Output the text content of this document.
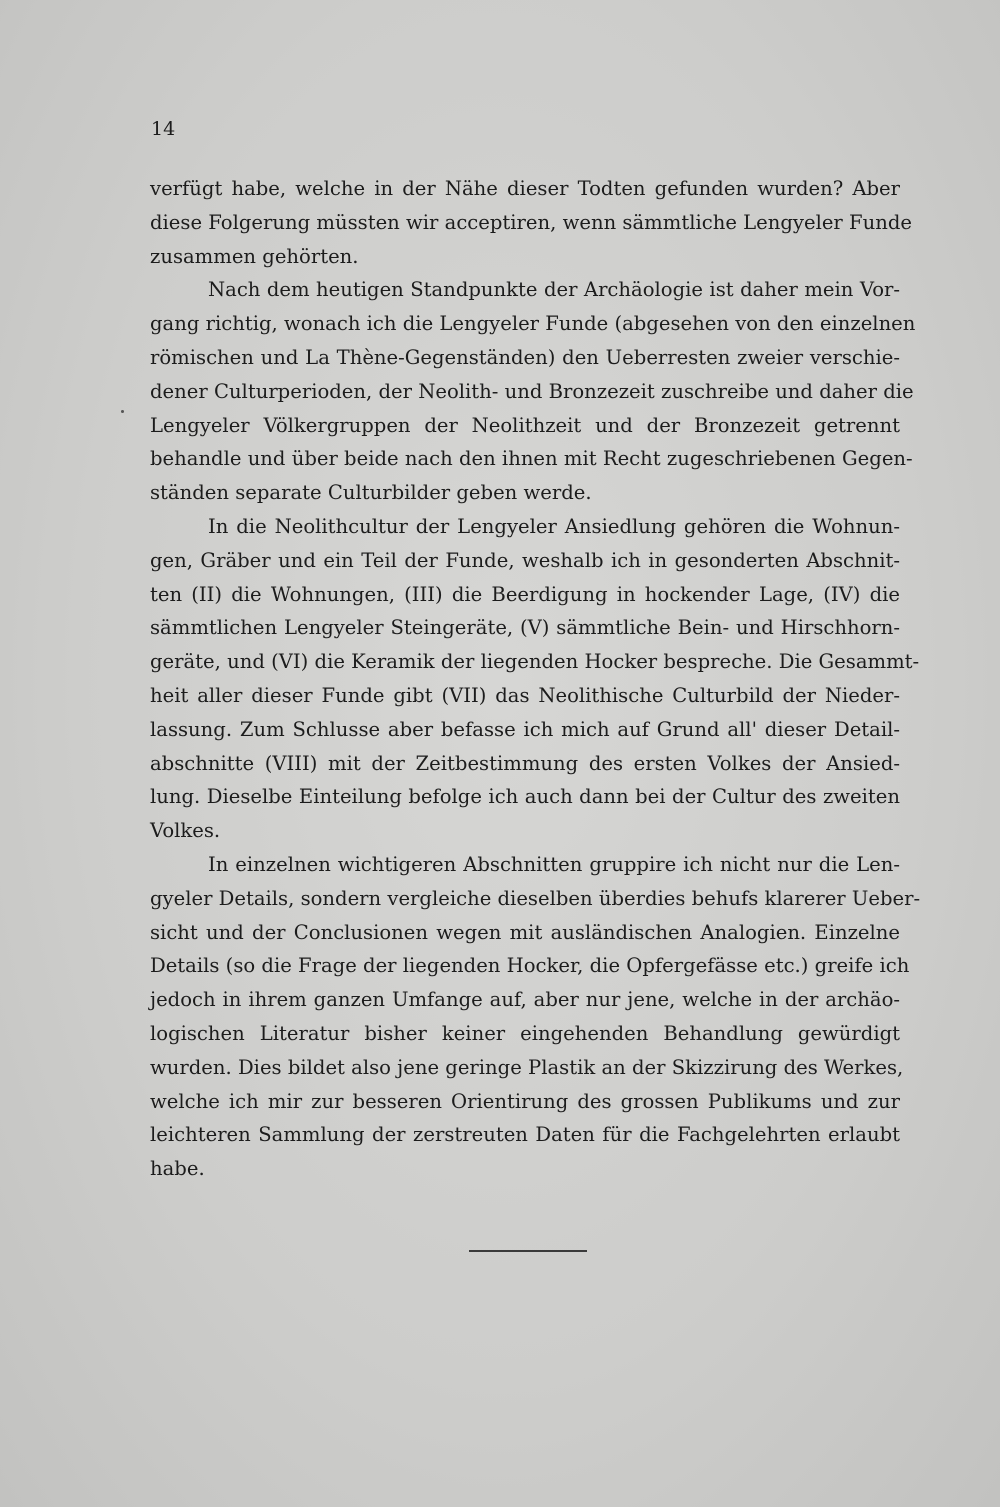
14
verfügt habe, welche in der Nähe dieser Todten gefunden wurden? Aber
diese Folgerung müssten wir acceptiren, wenn sämmtliche Lengyeler Funde
zusammen gehörten.
Nach dem heutigen Standpunkte der Archäologie ist daher mein Vor-
gang richtig, wonach ich die Lengyeler Funde (abgesehen von den einzelnen
römischen und La Thène-Gegenständen) den Ueberresten zweier verschie-
dener Culturperioden, der Neolith- und Bronzezeit zuschreibe und daher die
Lengyeler Völkergruppen der Neolithzeit und der Bronzezeit getrennt
behandle und über beide nach den ihnen mit Recht zugeschriebenen Gegen-
ständen separate Culturbilder geben werde.
In die Neolithcultur der Lengyeler Ansiedlung gehören die Wohnun-
gen, Gräber und ein Teil der Funde, weshalb ich in gesonderten Abschnit-
ten (II) die Wohnungen, (III) die Beerdigung in hockender Lage, (IV) die
sämmtlichen Lengyeler Steingeräte, (V) sämmtliche Bein- und Hirschhorn-
geräte, und (VI) die Keramik der liegenden Hocker bespreche. Die Gesammt-
heit aller dieser Funde gibt (VII) das Neolithische Culturbild der Nieder-
lassung. Zum Schlusse aber befasse ich mich auf Grund all' dieser Detail-
abschnitte (VIII) mit der Zeitbestimmung des ersten Volkes der Ansied-
lung. Dieselbe Einteilung befolge ich auch dann bei der Cultur des zweiten
Volkes.
In einzelnen wichtigeren Abschnitten gruppire ich nicht nur die Len-
gyeler Details, sondern vergleiche dieselben überdies behufs klarerer Ueber-
sicht und der Conclusionen wegen mit ausländischen Analogien. Einzelne
Details (so die Frage der liegenden Hocker, die Opfergefässe etc.) greife ich
jedoch in ihrem ganzen Umfange auf, aber nur jene, welche in der archäo-
logischen Literatur bisher keiner eingehenden Behandlung gewürdigt
wurden. Dies bildet also jene geringe Plastik an der Skizzirung des Werkes,
welche ich mir zur besseren Orientirung des grossen Publikums und zur
leichteren Sammlung der zerstreuten Daten für die Fachgelehrten erlaubt
habe.
